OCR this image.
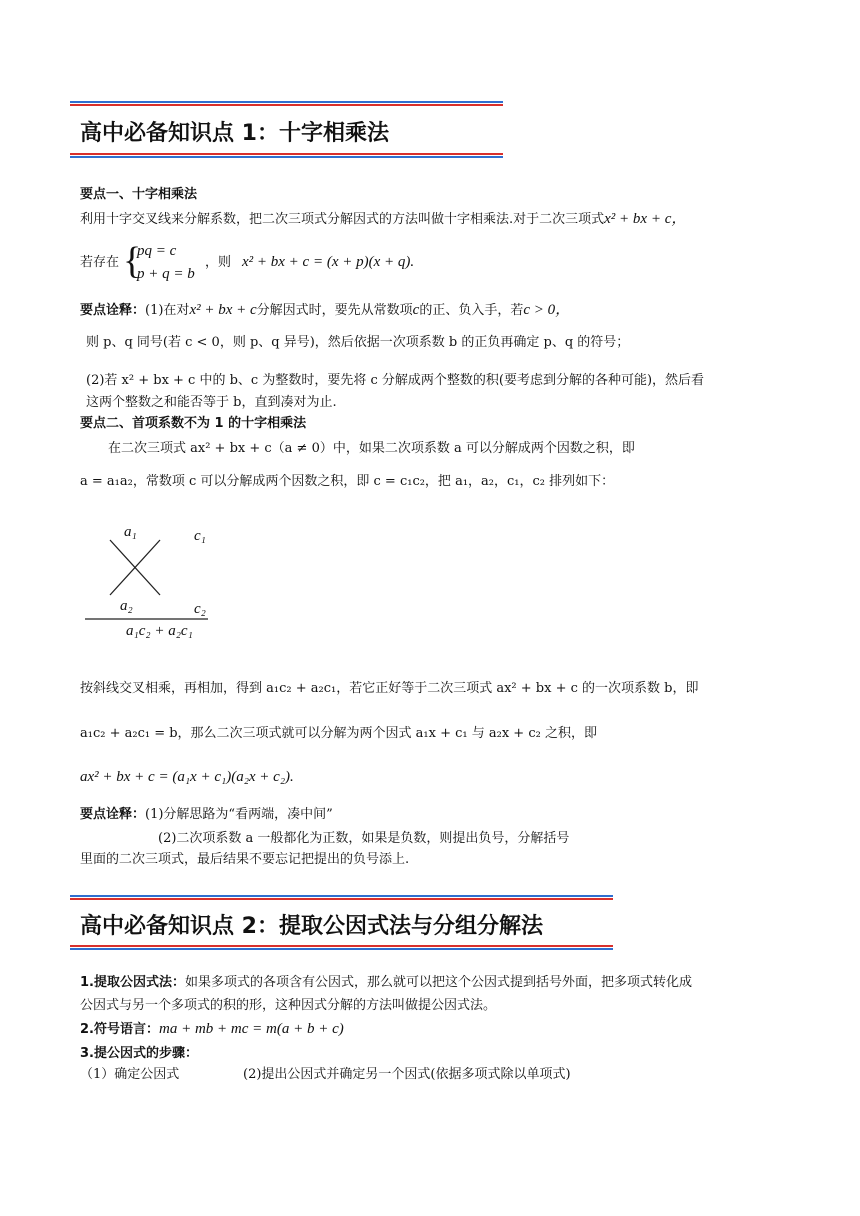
高中必备知识点 1：十字相乘法
要点一、十字相乘法
利用十字交叉线来分解系数，把二次三项式分解因式的方法叫做十字相乘法.对于二次三项式x² + bx + c，
若存在 {
pq = c
p + q = b
，则 x² + bx + c = (x + p)(x + q).
要点诠释：(1)在对x² + bx + c分解因式时，要先从常数项c的正、负入手，若c > 0，
则 p、q 同号(若 c < 0，则 p、q 异号)，然后依据一次项系数 b 的正负再确定 p、q 的符号；
(2)若 x² + bx + c 中的 b、c 为整数时，要先将 c 分解成两个整数的积(要考虑到分解的各种可能)，然后看
这两个整数之和能否等于 b，直到凑对为止.
要点二、首项系数不为 1 的十字相乘法
在二次三项式 ax² + bx + c（a ≠ 0）中，如果二次项系数 a 可以分解成两个因数之积，即
a = a₁a₂，常数项 c 可以分解成两个因数之积，即 c = c₁c₂，把 a₁，a₂，c₁，c₂ 排列如下：
a₁	c₁
a₂	c₂
a₁c₂ + a₂c₁
按斜线交叉相乘，再相加，得到 a₁c₂ + a₂c₁，若它正好等于二次三项式 ax² + bx + c 的一次项系数 b，即
a₁c₂ + a₂c₁ = b，那么二次三项式就可以分解为两个因式 a₁x + c₁ 与 a₂x + c₂ 之积，即
ax² + bx + c = (a₁x + c₁)(a₂x + c₂).
要点诠释：(1)分解思路为“看两端，凑中间”
(2)二次项系数 a 一般都化为正数，如果是负数，则提出负号，分解括号
里面的二次三项式，最后结果不要忘记把提出的负号添上.
高中必备知识点 2：提取公因式法与分组分解法
1.提取公因式法：如果多项式的各项含有公因式，那么就可以把这个公因式提到括号外面，把多项式转化成
公因式与另一个多项式的积的形，这种因式分解的方法叫做提公因式法。
2.符号语言：ma + mb + mc = m(a + b + c)
3.提公因式的步骤：
（1）确定公因式	(2)提出公因式并确定另一个因式(依据多项式除以单项式)
